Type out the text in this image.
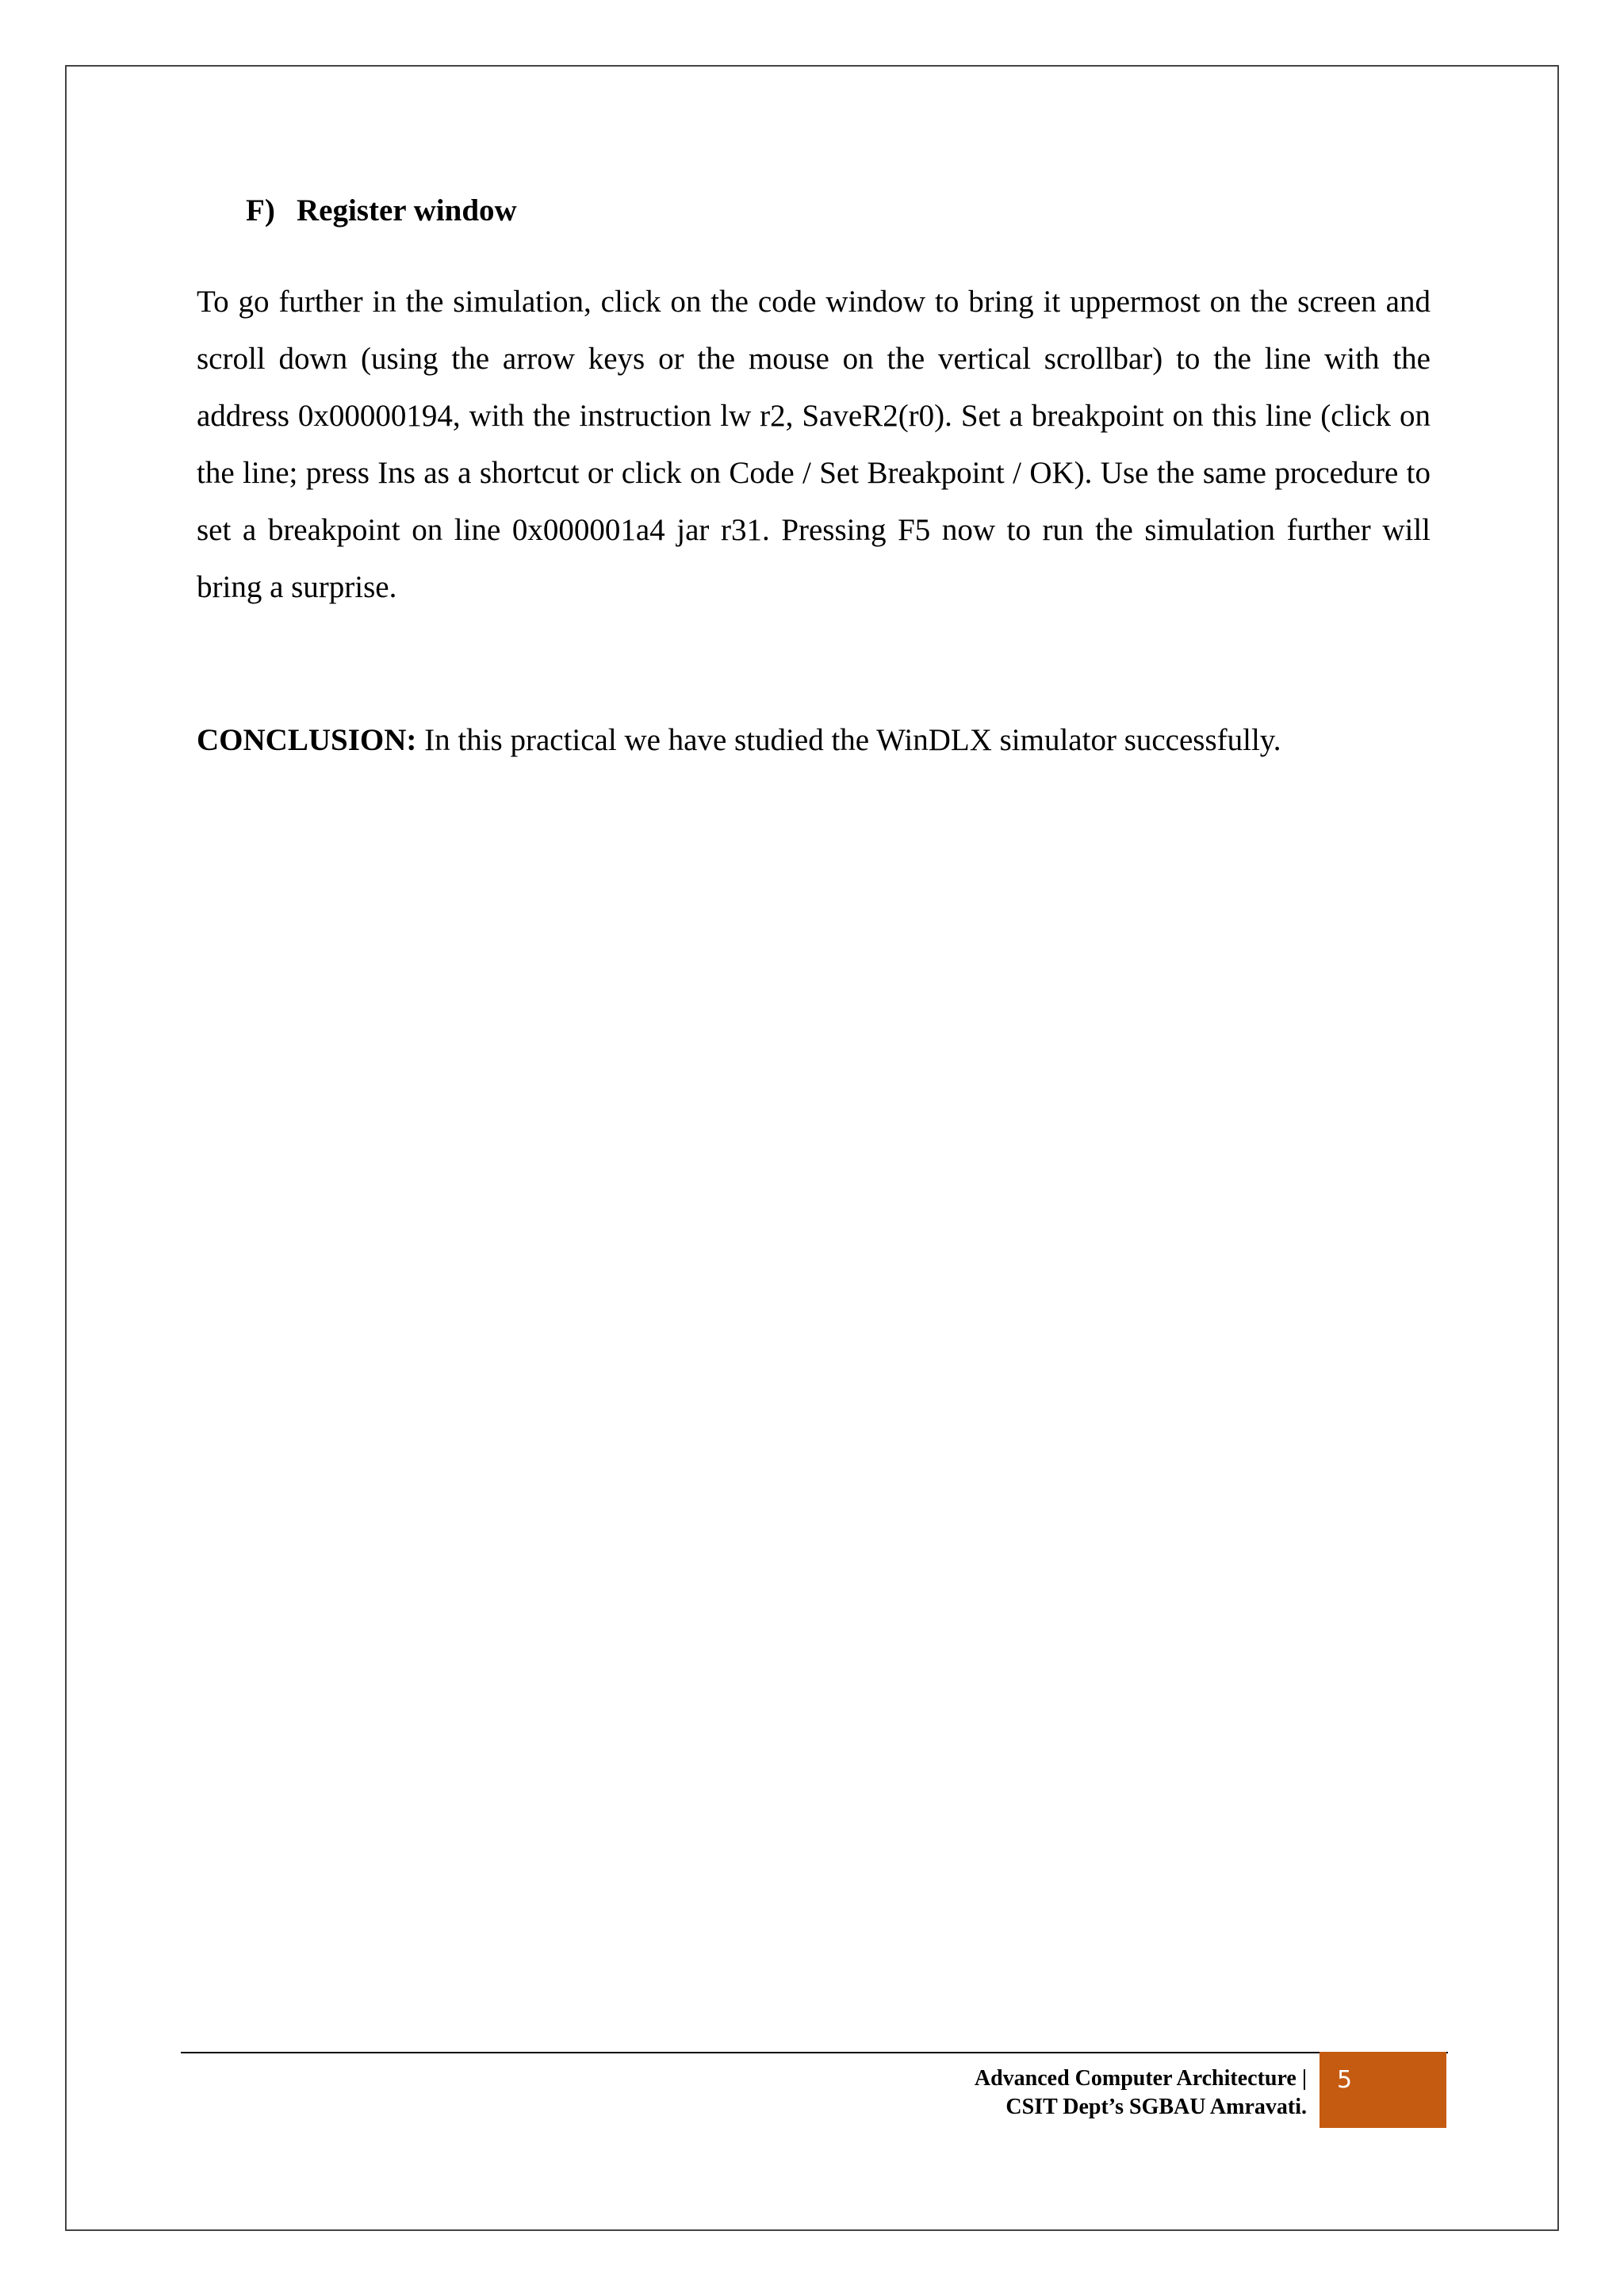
F) Register window

To go further in the simulation, click on the code window to bring it uppermost on the screen and scroll down (using the arrow keys or the mouse on the vertical scrollbar) to the line with the address 0x00000194, with the instruction lw r2, SaveR2(r0). Set a breakpoint on this line (click on the line; press Ins as a shortcut or click on Code / Set Breakpoint / OK). Use the same procedure to set a breakpoint on line 0x000001a4 jar r31. Pressing F5 now to run the simulation further will bring a surprise.

CONCLUSION: In this practical we have studied the WinDLX simulator successfully.

Advanced Computer Architecture |
CSIT Dept’s SGBAU Amravati.
5
